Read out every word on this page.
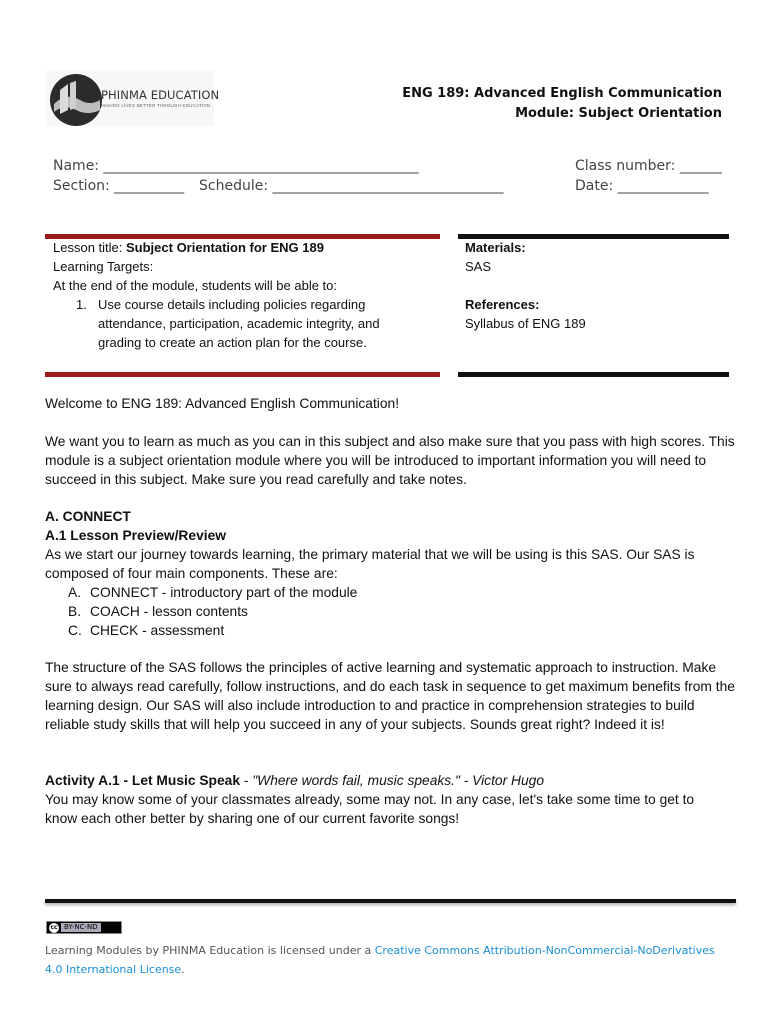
PHINMA EDUCATION
MAKING LIVES BETTER THROUGH EDUCATION
ENG 189: Advanced English Communication
Module: Subject Orientation
Name: _____________________________________________	Class number: ______
Section: __________ Schedule: _________________________________	Date: _____________
Lesson title: Subject Orientation for ENG 189
Learning Targets:
At the end of the module, students will be able to:
1. Use course details including policies regarding
attendance, participation, academic integrity, and
grading to create an action plan for the course.
Materials:
SAS
References:
Syllabus of ENG 189
Welcome to ENG 189: Advanced English Communication!
We want you to learn as much as you can in this subject and also make sure that you pass with high scores. This module is a subject orientation module where you will be introduced to important information you will need to succeed in this subject. Make sure you read carefully and take notes.
A. CONNECT
A.1 Lesson Preview/Review
As we start our journey towards learning, the primary material that we will be using is this SAS. Our SAS is composed of four main components. These are:
A. CONNECT - introductory part of the module
B. COACH - lesson contents
C. CHECK - assessment
The structure of the SAS follows the principles of active learning and systematic approach to instruction. Make sure to always read carefully, follow instructions, and do each task in sequence to get maximum benefits from the learning design. Our SAS will also include introduction to and practice in comprehension strategies to build reliable study skills that will help you succeed in any of your subjects. Sounds great right? Indeed it is!
Activity A.1 - Let Music Speak - "Where words fail, music speaks." - Victor Hugo
You may know some of your classmates already, some may not. In any case, let's take some time to get to know each other better by sharing one of our current favorite songs!
cc BY-NC-ND
Learning Modules by PHINMA Education is licensed under a Creative Commons Attribution-NonCommercial-NoDerivatives 4.0 International License.
